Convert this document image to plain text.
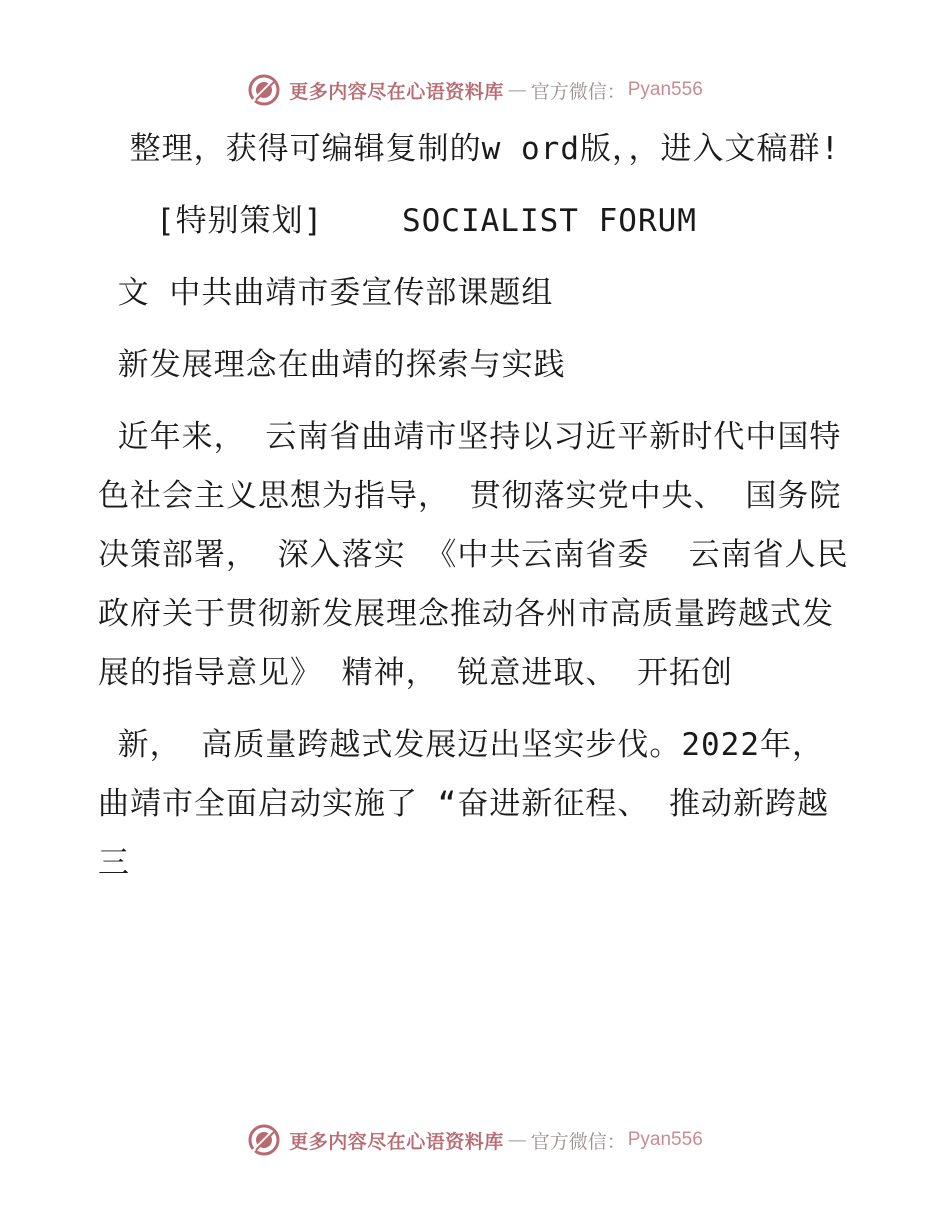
更多内容尽在心语资料库 — 官方微信： Pyan556

整理，获得可编辑复制的w ord版，，进入文稿群!

[特别策划]    SOCIALIST FORUM

文 中共曲靖市委宣传部课题组

新发展理念在曲靖的探索与实践

近年来， 云南省曲靖市坚持以习近平新时代中国特色社会主义思想为指导， 贯彻落实党中央、 国务院决策部署， 深入落实 《中共云南省委  云南省人民政府关于贯彻新发展理念推动各州市高质量跨越式发展的指导意见》 精神， 锐意进取、 开拓创

新， 高质量跨越式发展迈出坚实步伐。2022年， 曲靖市全面启动实施了 “奋进新征程、 推动新跨越三

更多内容尽在心语资料库 — 官方微信： Pyan556
